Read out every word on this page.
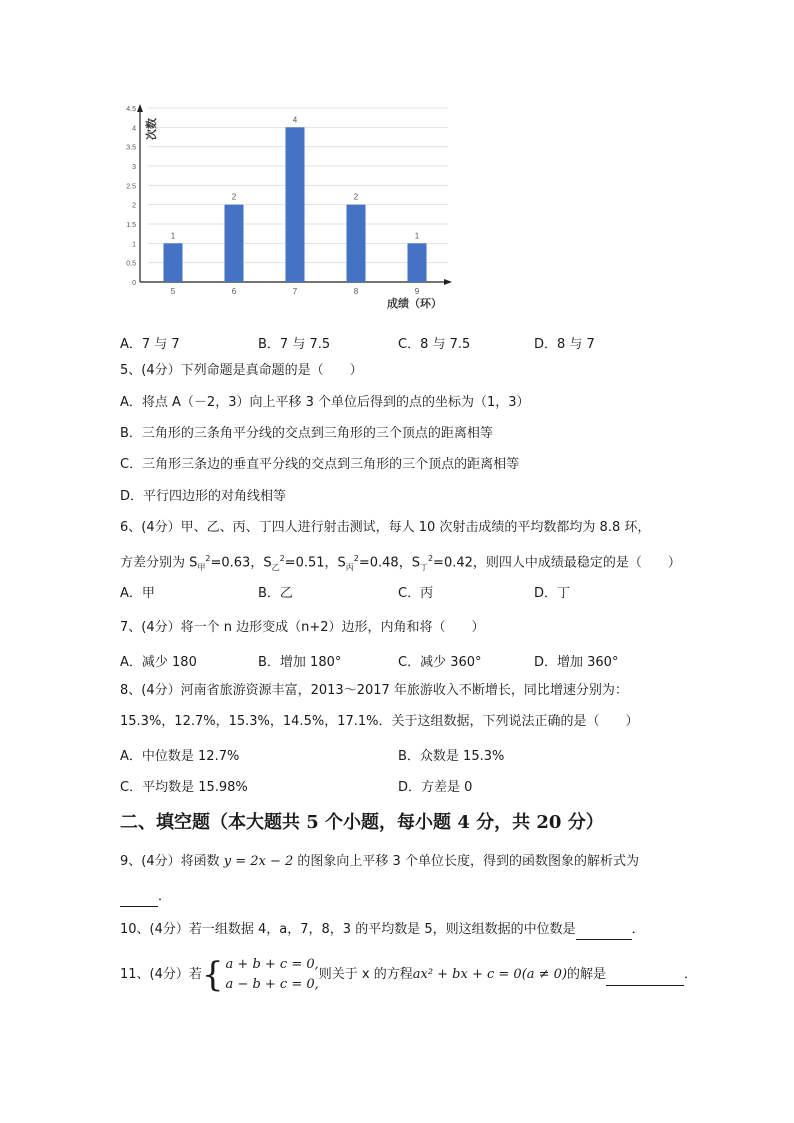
0
0.5
1
1.5
2
2.5
3
3.5
4
4.5
1
5
2
6
4
7
2
8
1
9
次数
成绩（环）
A．7 与 7	B．7 与 7.5	C．8 与 7.5	D．8 与 7
5、(4分）下列命题是真命题的是（　　）
A．将点 A（－2，3）向上平移 3 个单位后得到的点的坐标为（1，3）
B．三角形的三条角平分线的交点到三角形的三个顶点的距离相等
C．三角形三条边的垂直平分线的交点到三角形的三个顶点的距离相等
D．平行四边形的对角线相等
6、(4分）甲、乙、丙、丁四人进行射击测试，每人 10 次射击成绩的平均数都均为 8.8 环，
方差分别为 $S_甲^2=0.63$，$S_乙^2=0.51$，$S_丙^2=0.48$，$S_丁^2=0.42$，则四人中成绩最稳定的是（　　）
A．甲	B．乙	C．丙	D．丁
7、(4分）将一个 n 边形变成（n+2）边形，内角和将（　　）
A．减少 180	B．增加 180°	C．减少 360°	D．增加 360°
8、(4分）河南省旅游资源丰富，2013～2017 年旅游收入不断增长，同比增速分别为：
15.3%，12.7%，15.3%，14.5%，17.1%．关于这组数据，下列说法正确的是（　　）
A．中位数是 12.7%	B．众数是 15.3%
C．平均数是 15.98%	D．方差是 0
二、填空题（本大题共 5 个小题，每小题 4 分，共 20 分）
9、(4分）将函数 y = 2x − 2 的图象向上平移 3 个单位长度，得到的函数图象的解析式为
．
10、(4分）若一组数据 4，a，7，8，3 的平均数是 5，则这组数据的中位数是	．
11、(4分）若{ a + b + c = 0,
a − b + c = 0,
则关于 x 的方程ax² + bx + c = 0(a ≠ 0)的解是	．
